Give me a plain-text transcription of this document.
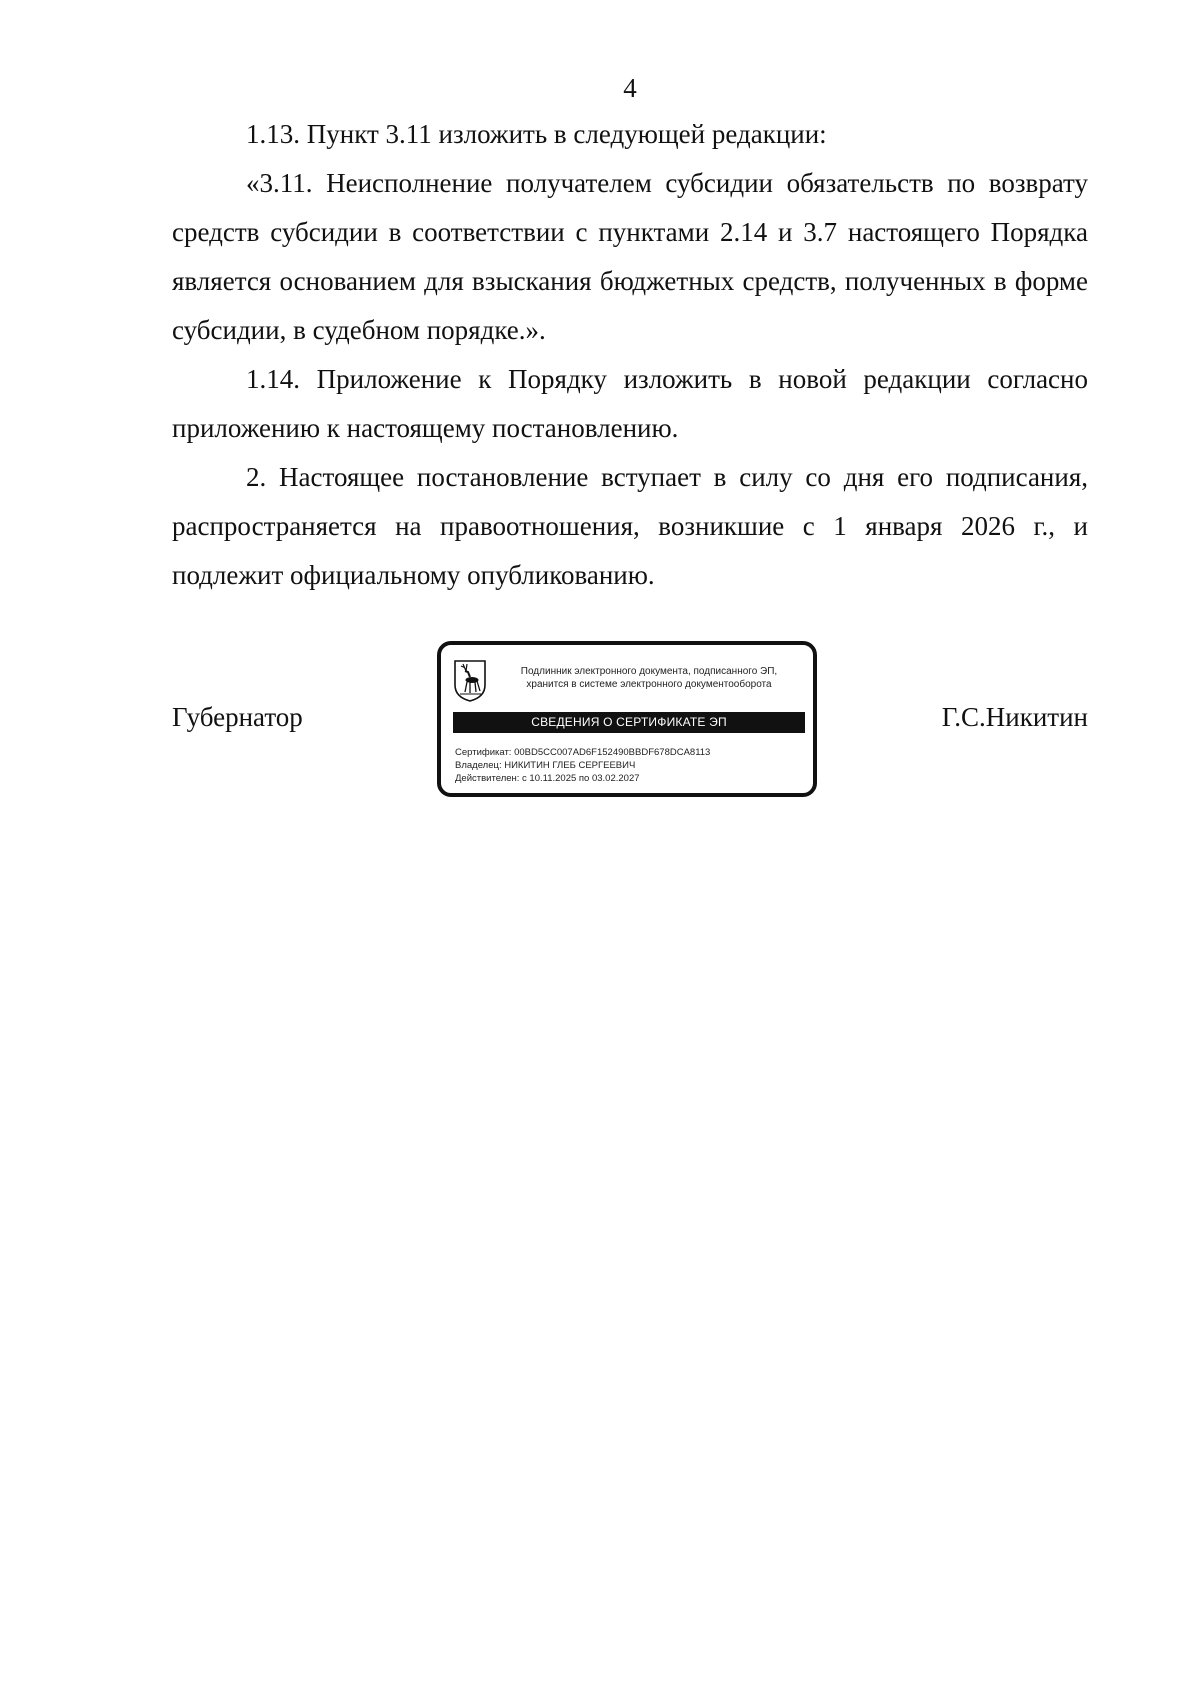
4

1.13. Пункт 3.11 изложить в следующей редакции:

«3.11. Неисполнение получателем субсидии обязательств по возврату средств субсидии в соответствии с пунктами 2.14 и 3.7 настоящего Порядка является основанием для взыскания бюджетных средств, полученных в форме субсидии, в судебном порядке.».

1.14. Приложение к Порядку изложить в новой редакции согласно приложению к настоящему постановлению.

2. Настоящее постановление вступает в силу со дня его подписания, распространяется на правоотношения, возникшие с 1 января 2026 г., и подлежит официальному опубликованию.

Губернатор
Подлинник электронного документа, подписанного ЭП,
хранится в системе электронного документооборота
СВЕДЕНИЯ О СЕРТИФИКАТЕ ЭП
Сертификат: 00BD5CC007AD6F152490BBDF678DCA8113
Владелец: НИКИТИН ГЛЕБ СЕРГЕЕВИЧ
Действителен: с 10.11.2025 по 03.02.2027
Г.С.Никитин
